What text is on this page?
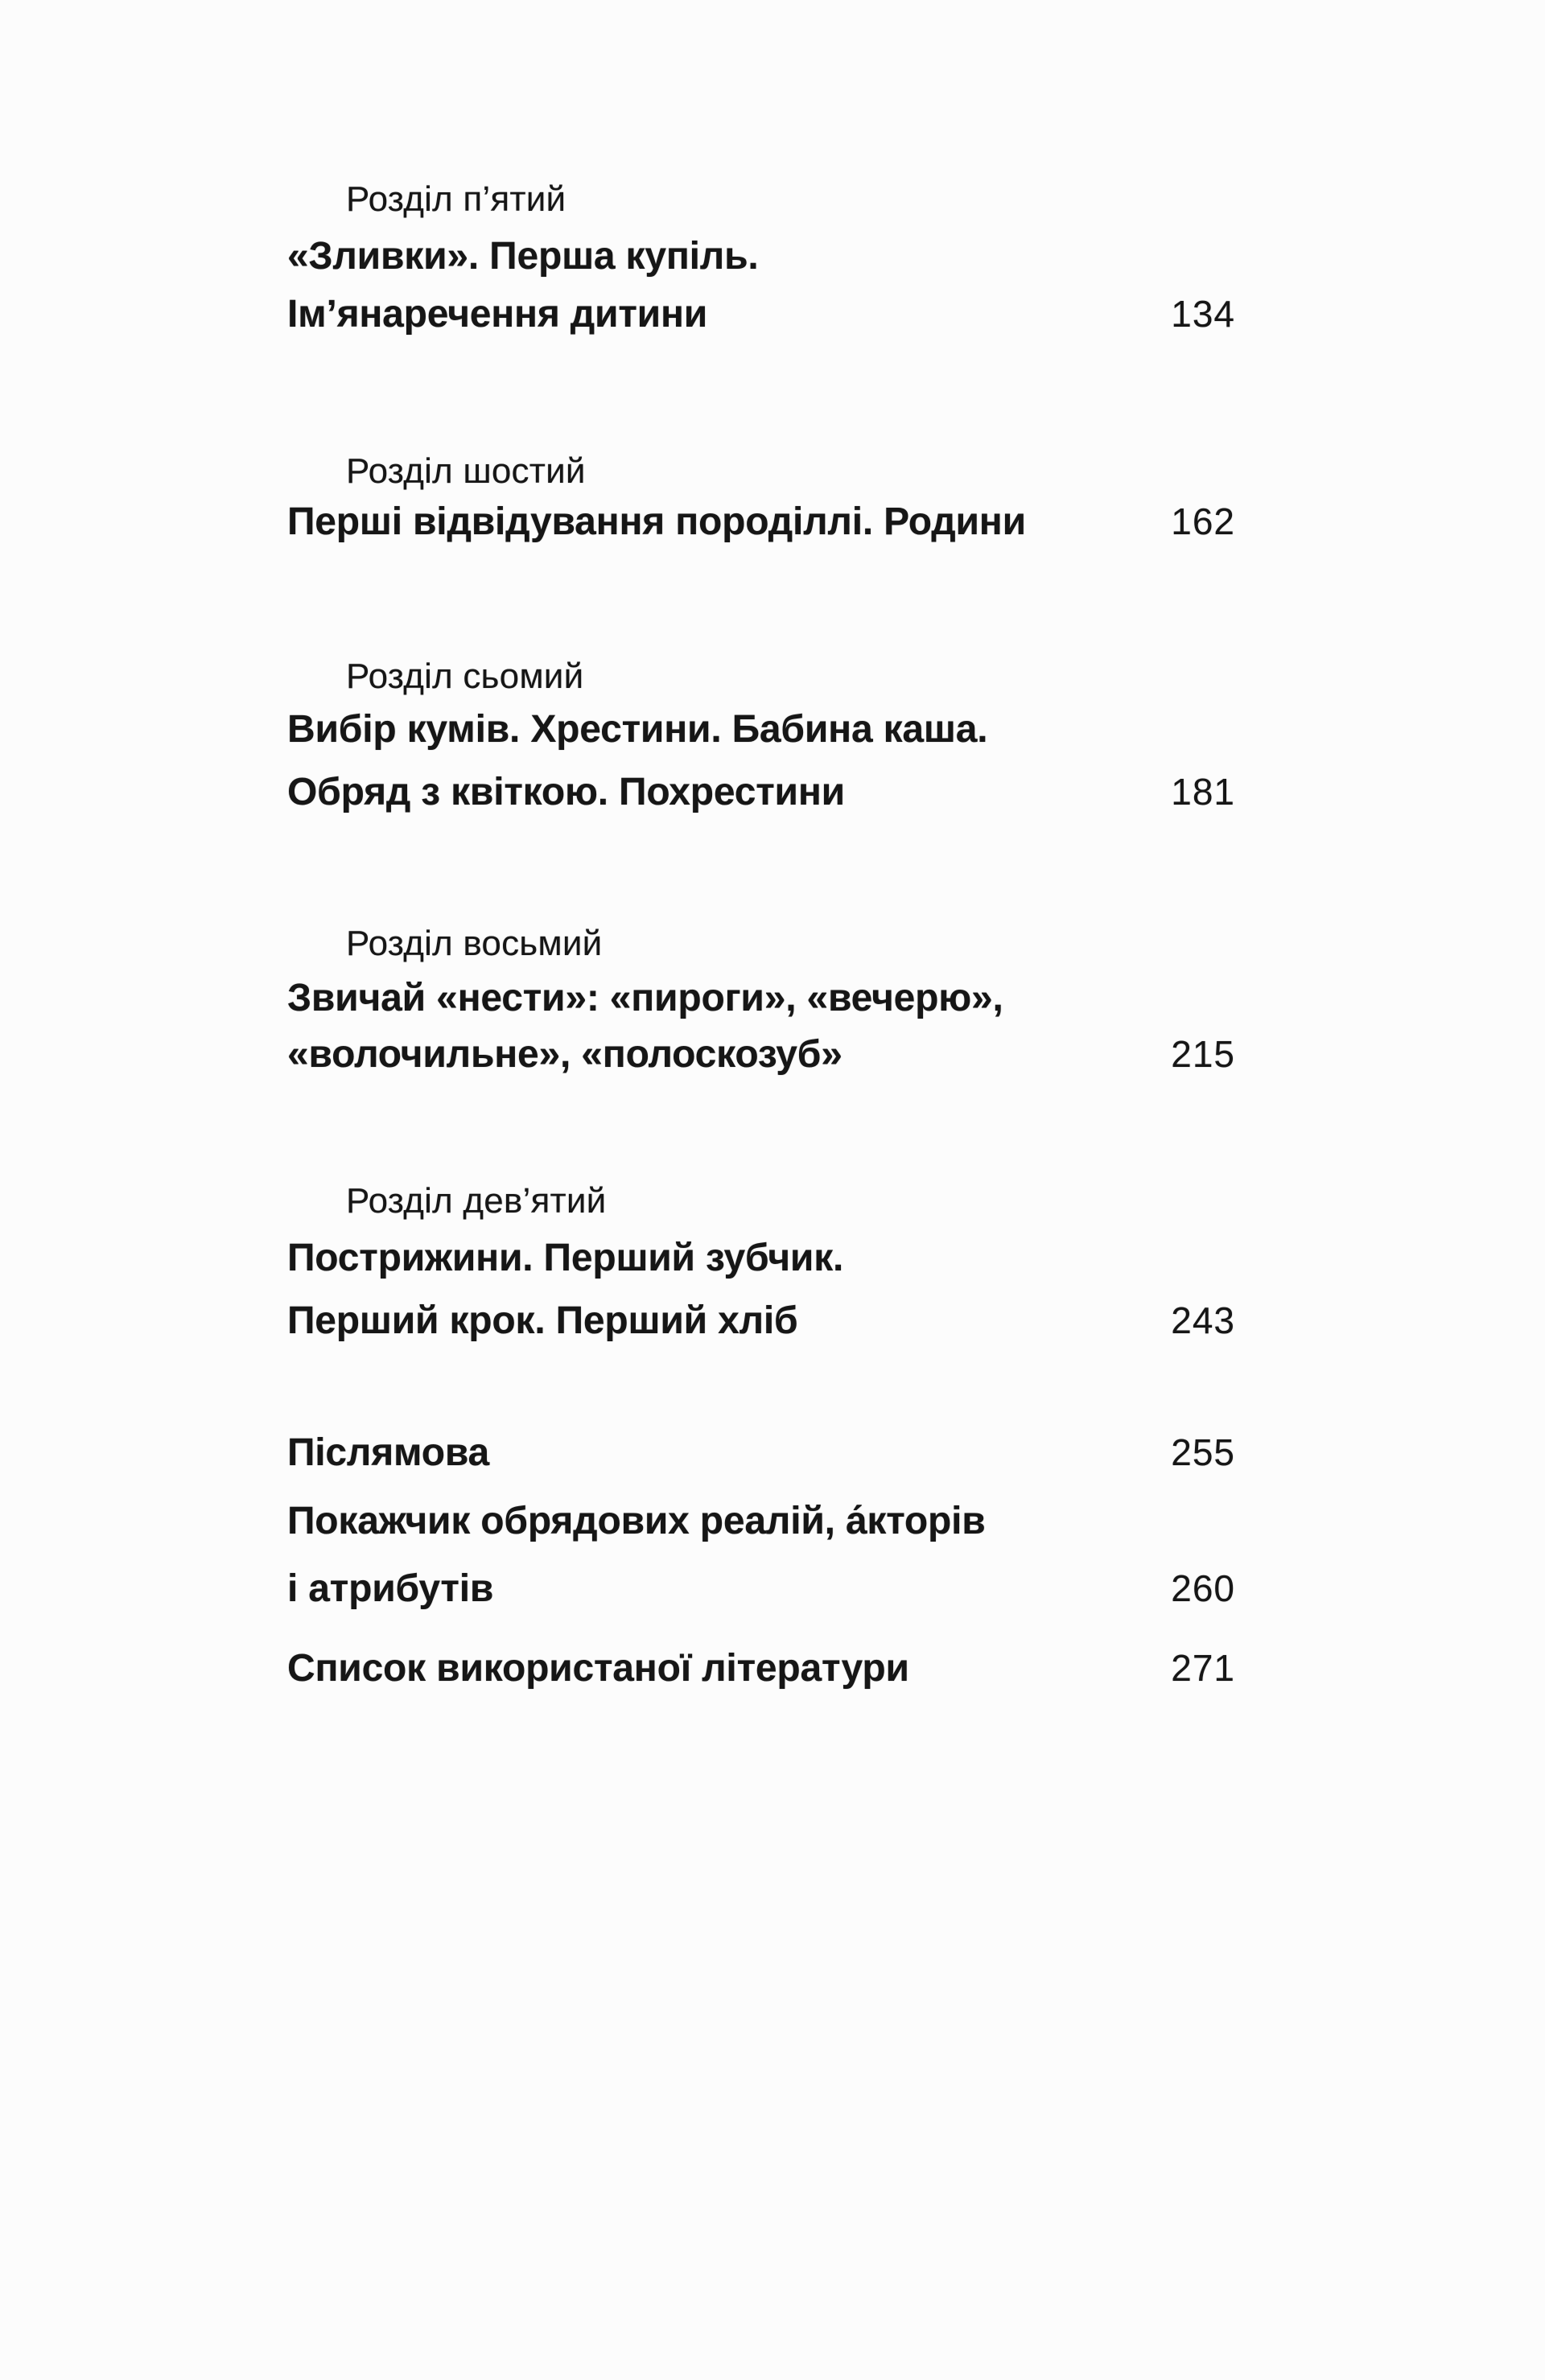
Розділ п’ятий
«Зливки». Перша купіль.
Ім’янаречення дитини	134
Розділ шостий
Перші відвідування породіллі. Родини	162
Розділ сьомий
Вибір кумів. Хрестини. Бабина каша.
Обряд з квіткою. Похрестини	181
Розділ восьмий
Звичай «нести»: «пироги», «вечерю»,
«волочильне», «полоскозуб»	215
Розділ дев’ятий
Пострижини. Перший зубчик.
Перший крок. Перший хліб	243
Післямова	255
Покажчик обрядових реалій, а́кторів
і атрибутів	260
Список використаної літератури	271
